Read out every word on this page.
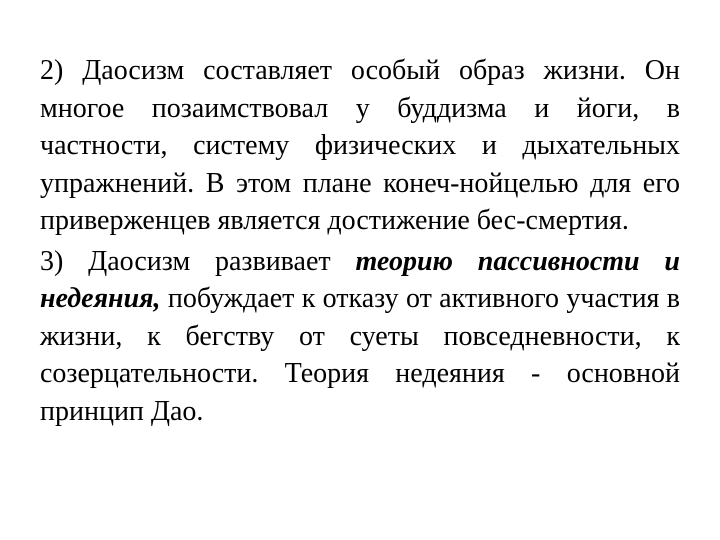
2) Даосизм составляет особый образ жизни. Он многое позаимствовал у буддизма и йоги, в частности, систему физических и дыхательных упражнений. В этом плане конеч-нойцелью для его приверженцев является достижение бес-смертия.

3) Даосизм развивает теорию пассивности и недеяния, побуждает к отказу от активного участия в жизни, к бегству от суеты повседневности, к созерцательности. Теория недеяния - основной принцип Дао.
